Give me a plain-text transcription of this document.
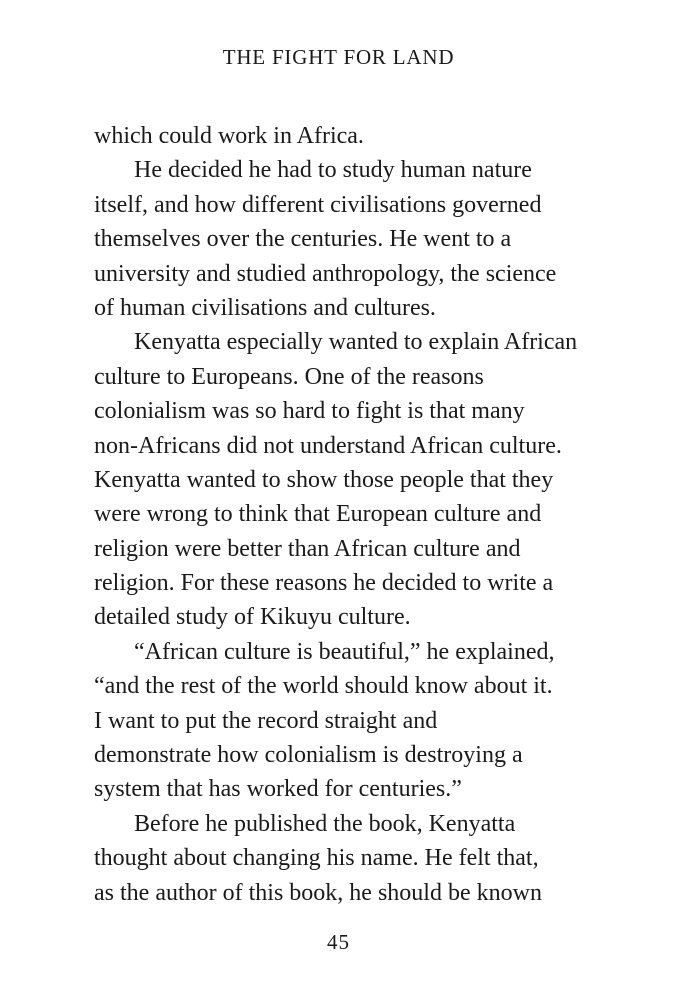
THE FIGHT FOR LAND
which could work in Africa.
He decided he had to study human nature
itself, and how different civilisations governed
themselves over the centuries. He went to a
university and studied anthropology, the science
of human civilisations and cultures.
Kenyatta especially wanted to explain African
culture to Europeans. One of the reasons
colonialism was so hard to fight is that many
non-Africans did not understand African culture.
Kenyatta wanted to show those people that they
were wrong to think that European culture and
religion were better than African culture and
religion. For these reasons he decided to write a
detailed study of Kikuyu culture.
“African culture is beautiful,” he explained,
“and the rest of the world should know about it.
I want to put the record straight and
demonstrate how colonialism is destroying a
system that has worked for centuries.”
Before he published the book, Kenyatta
thought about changing his name. He felt that,
as the author of this book, he should be known
45
